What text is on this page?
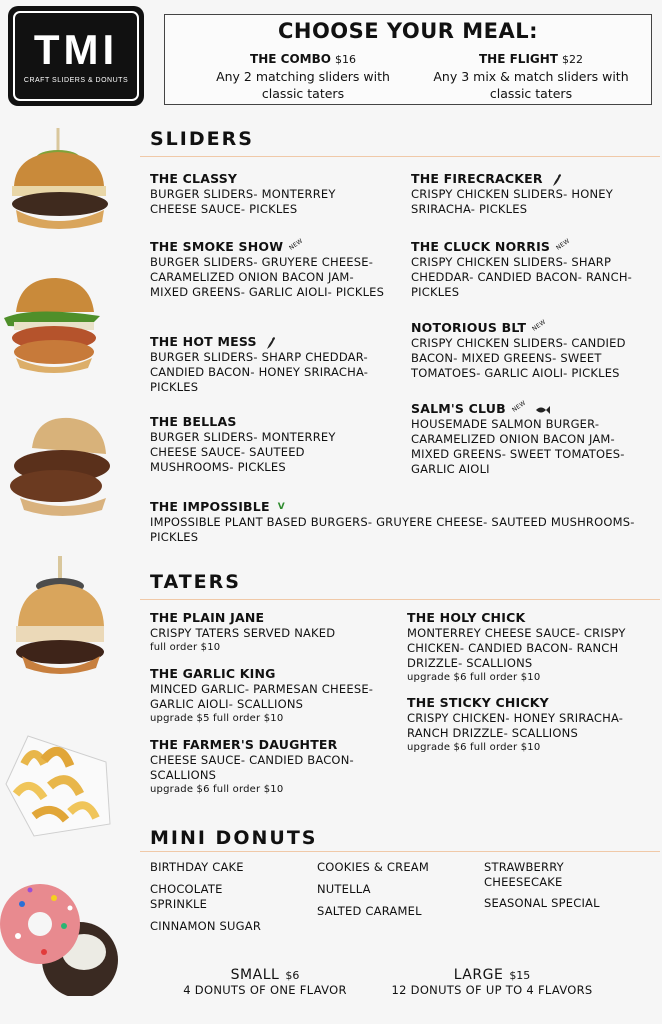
TMI
CRAFT SLIDERS & DONUTS
CHOOSE YOUR MEAL:
THE COMBO $16
Any 2 matching sliders with classic taters
THE FLIGHT $22
Any 3 mix & match sliders with classic taters
SLIDERS
THE CLASSY
BURGER SLIDERS- MONTERREY CHEESE SAUCE- PICKLES
THE FIRECRACKER
CRISPY CHICKEN SLIDERS- HONEY SRIRACHA- PICKLES
THE SMOKE SHOW NEW
BURGER SLIDERS- GRUYERE CHEESE- CARAMELIZED ONION BACON JAM- MIXED GREENS- GARLIC AIOLI- PICKLES
THE CLUCK NORRIS NEW
CRISPY CHICKEN SLIDERS- SHARP CHEDDAR- CANDIED BACON- RANCH- PICKLES
NOTORIOUS BLT NEW
CRISPY CHICKEN SLIDERS- CANDIED BACON- MIXED GREENS- SWEET TOMATOES- GARLIC AIOLI- PICKLES
THE HOT MESS
BURGER SLIDERS- SHARP CHEDDAR- CANDIED BACON- HONEY SRIRACHA- PICKLES
SALM'S CLUB NEW
HOUSEMADE SALMON BURGER- CARAMELIZED ONION BACON JAM- MIXED GREENS- SWEET TOMATOES- GARLIC AIOLI
THE BELLAS
BURGER SLIDERS- MONTERREY CHEESE SAUCE- SAUTEED MUSHROOMS- PICKLES
THE IMPOSSIBLE V
IMPOSSIBLE PLANT BASED BURGERS- GRUYERE CHEESE- SAUTEED MUSHROOMS- PICKLES
TATERS
THE PLAIN JANE
CRISPY TATERS SERVED NAKED
full order $10
THE HOLY CHICK
MONTERREY CHEESE SAUCE- CRISPY CHICKEN- CANDIED BACON- RANCH DRIZZLE- SCALLIONS
upgrade $6 full order $10
THE GARLIC KING
MINCED GARLIC- PARMESAN CHEESE- GARLIC AIOLI- SCALLIONS
upgrade $5 full order $10
THE STICKY CHICKY
CRISPY CHICKEN- HONEY SRIRACHA- RANCH DRIZZLE- SCALLIONS
upgrade $6 full order $10
THE FARMER'S DAUGHTER
CHEESE SAUCE- CANDIED BACON- SCALLIONS
upgrade $6 full order $10
MINI DONUTS
BIRTHDAY CAKE
CHOCOLATE SPRINKLE
CINNAMON SUGAR
COOKIES & CREAM
NUTELLA
SALTED CARAMEL
STRAWBERRY CHEESECAKE
SEASONAL SPECIAL
SMALL $6
4 DONUTS OF ONE FLAVOR
LARGE $15
12 DONUTS OF UP TO 4 FLAVORS
